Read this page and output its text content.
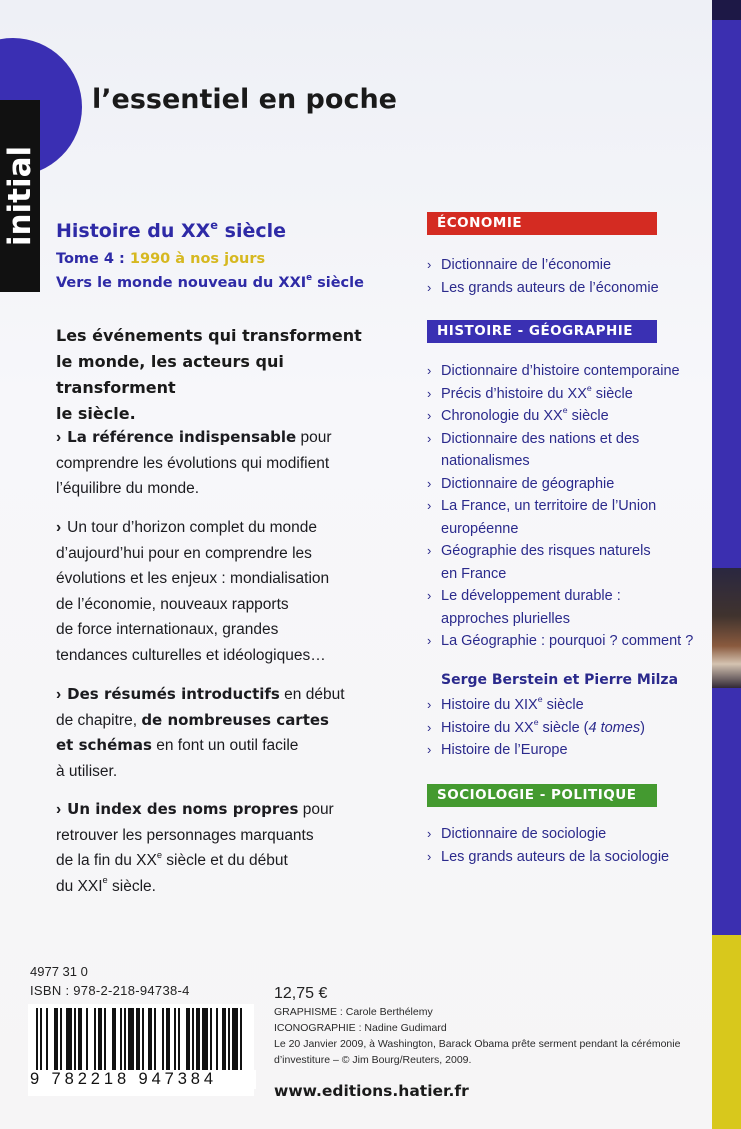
initial
l’essentiel en poche
Histoire du XXe siècle
Tome 4 : 1990 à nos jours
Vers le monde nouveau du XXIe siècle
Les événements qui transforment
le monde, les acteurs qui transforment
le siècle.
› La référence indispensable pour
comprendre les évolutions qui modifient
l’équilibre du monde.
› Un tour d’horizon complet du monde
d’aujourd’hui pour en comprendre les
évolutions et les enjeux : mondialisation
de l’économie, nouveaux rapports
de force internationaux, grandes
tendances culturelles et idéologiques…
› Des résumés introductifs en début
de chapitre, de nombreuses cartes
et schémas en font un outil facile
à utiliser.
› Un index des noms propres pour
retrouver les personnages marquants
de la fin du XXe siècle et du début
du XXIe siècle.
ÉCONOMIE
› Dictionnaire de l’économie
› Les grands auteurs de l’économie
HISTOIRE - GÉOGRAPHIE
› Dictionnaire d’histoire contemporaine
› Précis d’histoire du XXe siècle
› Chronologie du XXe siècle
› Dictionnaire des nations et des
nationalismes
› Dictionnaire de géographie
› La France, un territoire de l’Union
européenne
› Géographie des risques naturels
en France
› Le développement durable :
approches plurielles
› La Géographie : pourquoi ? comment ?
Serge Berstein et Pierre Milza
› Histoire du XIXe siècle
› Histoire du XXe siècle (4 tomes)
› Histoire de l’Europe
SOCIOLOGIE - POLITIQUE
› Dictionnaire de sociologie
› Les grands auteurs de la sociologie
4977 31 0
ISBN : 978-2-218-94738-4
9 782218 947384
12,75 €
GRAPHISME : Carole Berthélemy
ICONOGRAPHIE : Nadine Gudimard
Le 20 Janvier 2009, à Washington, Barack Obama prête serment pendant la cérémonie
d’investiture – © Jim Bourg/Reuters, 2009.
www.editions.hatier.fr
